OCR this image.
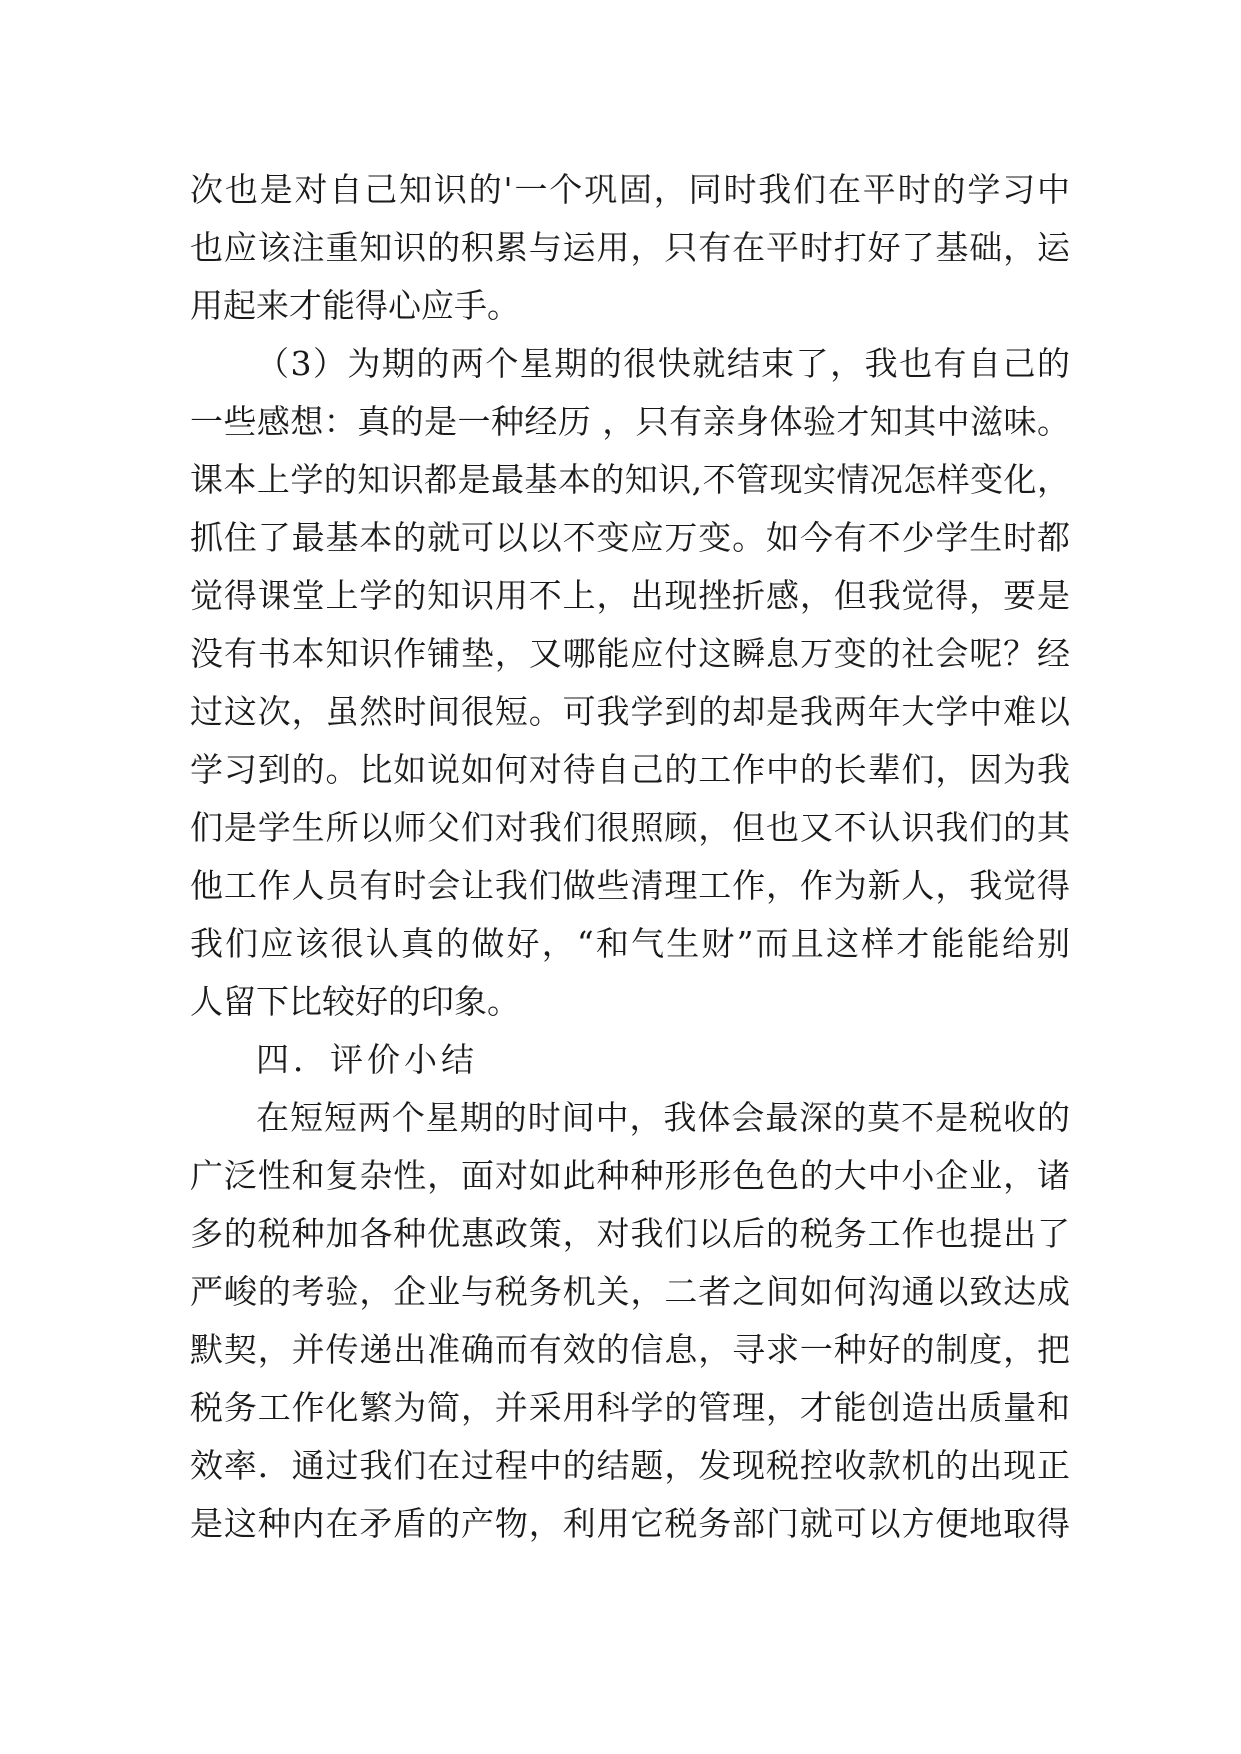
次也是对自己知识的'一个巩固，同时我们在平时的学习中
也应该注重知识的积累与运用，只有在平时打好了基础，运
用起来才能得心应手。
（3）为期的两个星期的很快就结束了，我也有自己的
一些感想：真的是一种经历 ，只有亲身体验才知其中滋味。
课本上学的知识都是最基本的知识,不管现实情况怎样变化，
抓住了最基本的就可以以不变应万变。如今有不少学生时都
觉得课堂上学的知识用不上，出现挫折感，但我觉得，要是
没有书本知识作铺垫，又哪能应付这瞬息万变的社会呢？经
过这次，虽然时间很短。可我学到的却是我两年大学中难以
学习到的。比如说如何对待自己的工作中的长辈们，因为我
们是学生所以师父们对我们很照顾，但也又不认识我们的其
他工作人员有时会让我们做些清理工作，作为新人，我觉得
我们应该很认真的做好，“和气生财”而且这样才能能给别
人留下比较好的印象。
四．评价小结
在短短两个星期的时间中，我体会最深的莫不是税收的
广泛性和复杂性，面对如此种种形形色色的大中小企业，诸
多的税种加各种优惠政策，对我们以后的税务工作也提出了
严峻的考验，企业与税务机关，二者之间如何沟通以致达成
默契，并传递出准确而有效的信息，寻求一种好的制度，把
税务工作化繁为简，并采用科学的管理，才能创造出质量和
效率．通过我们在过程中的结题，发现税控收款机的出现正
是这种内在矛盾的产物，利用它税务部门就可以方便地取得
